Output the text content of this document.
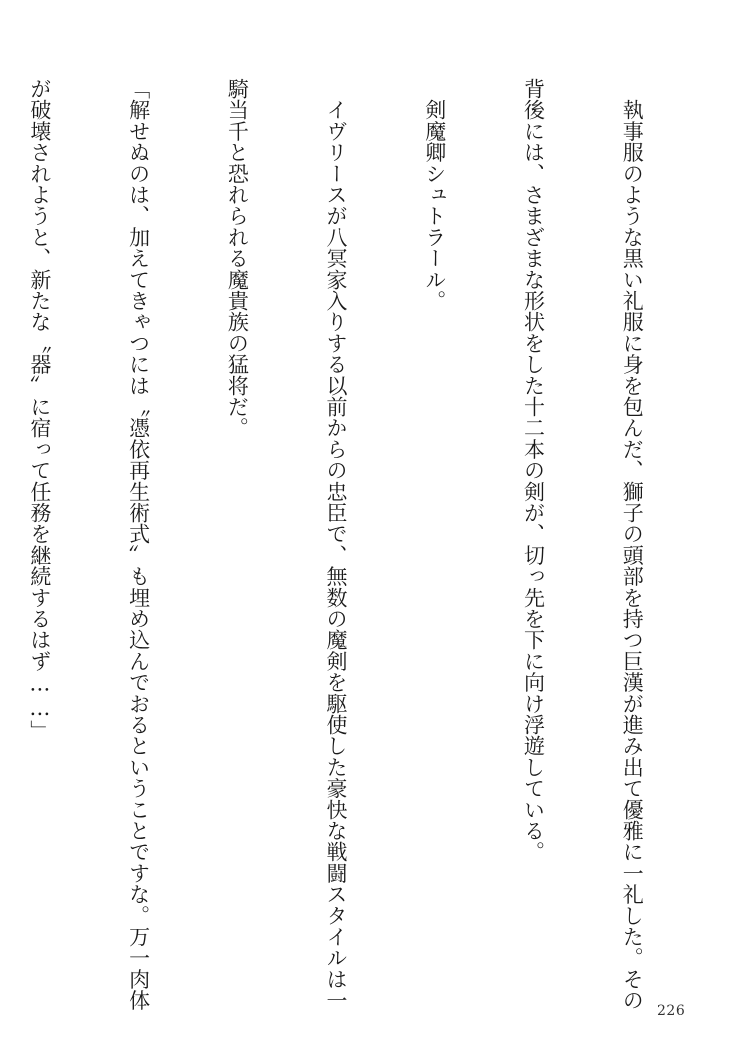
　執事服のような黒い礼服に身を包んだ、獅子の頭部を持つ巨漢が進み出て優雅に一礼した。その

背後には、さまざまな形状をした十二本の剣が、切っ先を下に向け浮遊している。

　剣魔卿シュトラール。

　イヴリースが八冥家入りする以前からの忠臣で、無数の魔剣を駆使した豪快な戦闘スタイルは一

騎当千と恐れられる魔貴族の猛将だ。

「解せぬのは、加えてきゃつには〝憑依再生術式〟も埋め込んでおるということですな。万一肉体

が破壊されようと、新たな〝器〟に宿って任務を継続するはず……」

226
